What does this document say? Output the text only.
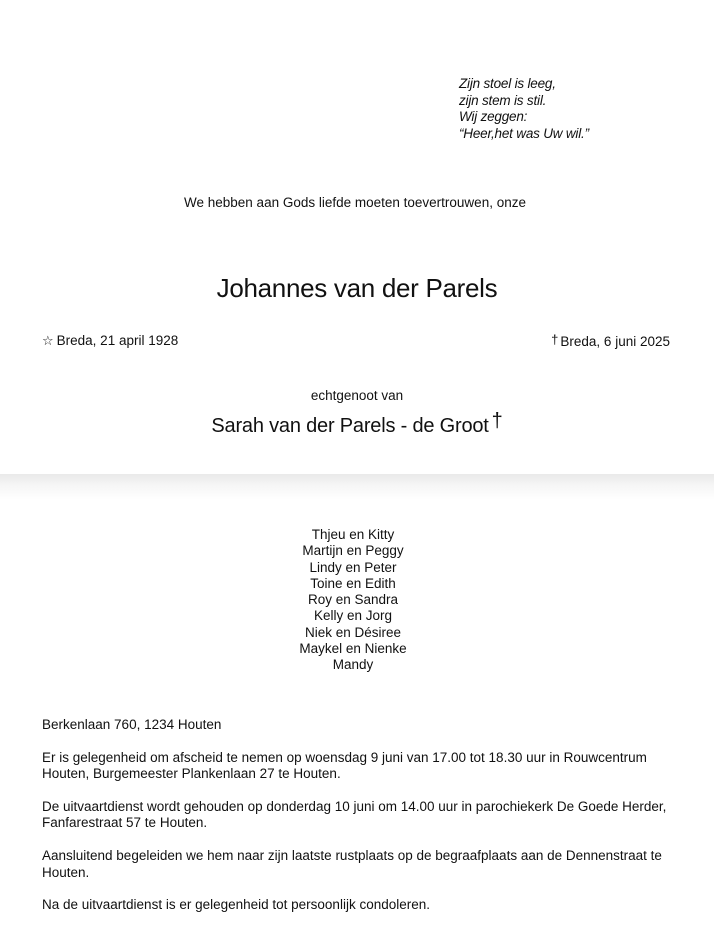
Zijn stoel is leeg,
zijn stem is stil.
Wij zeggen:
“Heer,het was Uw wil.”
We hebben aan Gods liefde moeten toevertrouwen, onze
Johannes van der Parels
☆ Breda, 21 april 1928	† Breda, 6 juni 2025
echtgenoot van
Sarah van der Parels - de Groot †
Thjeu en Kitty
Martijn en Peggy
Lindy en Peter
Toine en Edith
Roy en Sandra
Kelly en Jorg
Niek en Désiree
Maykel en Nienke
Mandy

Berkenlaan 760, 1234 Houten

Er is gelegenheid om afscheid te nemen op woensdag 9 juni van 17.00 tot 18.30 uur in Rouwcentrum Houten, Burgemeester Plankenlaan 27 te Houten.

De uitvaartdienst wordt gehouden op donderdag 10 juni om 14.00 uur in parochiekerk De Goede Herder, Fanfarestraat 57 te Houten.

Aansluitend begeleiden we hem naar zijn laatste rustplaats op de begraafplaats aan de Dennenstraat te Houten.

Na de uitvaartdienst is er gelegenheid tot persoonlijk condoleren.
